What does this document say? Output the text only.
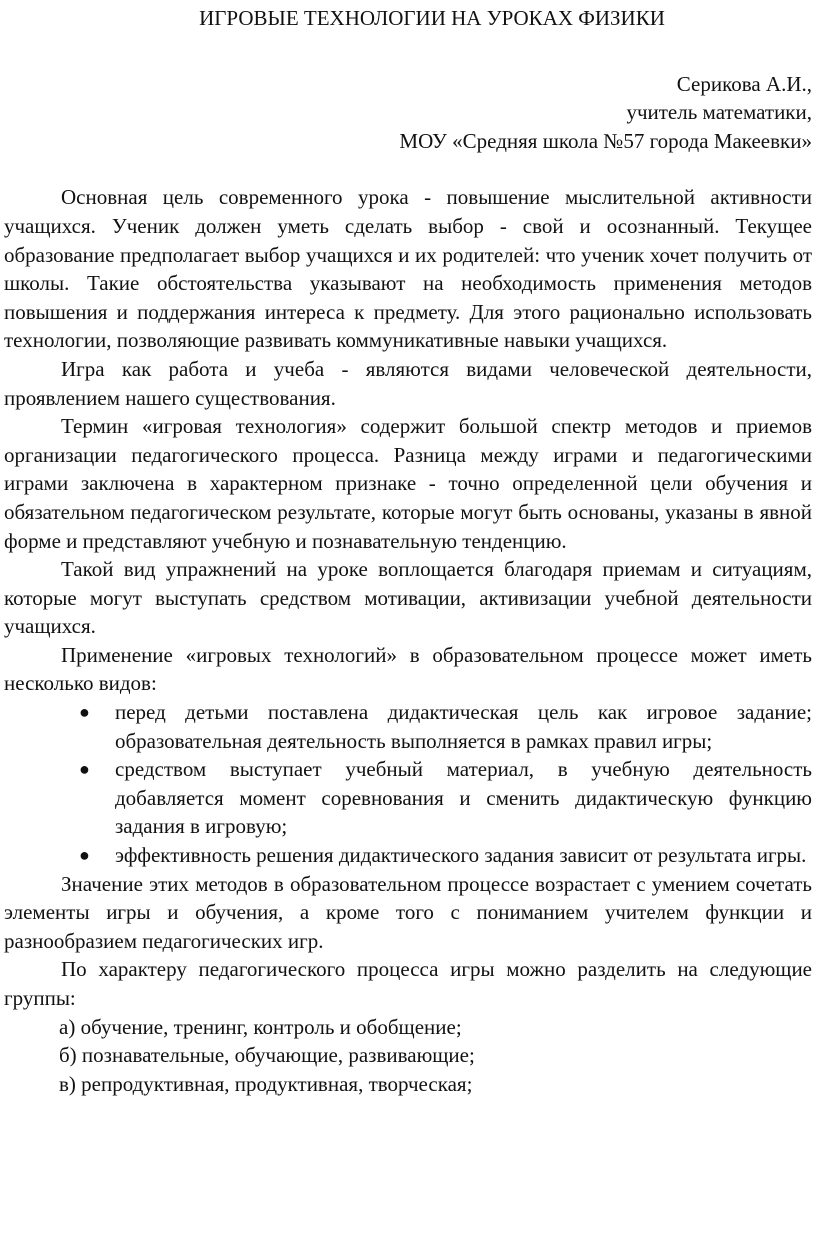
ИГРОВЫЕ ТЕХНОЛОГИИ НА УРОКАХ ФИЗИКИ
Серикова А.И.,
учитель математики,
МОУ «Средняя школа №57 города Макеевки»

Основная цель современного урока - повышение мыслительной активности учащихся. Ученик должен уметь сделать выбор - свой и осознанный. Текущее образование предполагает выбор учащихся и их родителей: что ученик хочет получить от школы. Такие обстоятельства указывают на необходимость применения методов повышения и поддержания интереса к предмету. Для этого рационально использовать технологии, позволяющие развивать коммуникативные навыки учащихся.

Игра как работа и учеба - являются видами человеческой деятельности, проявлением нашего существования.

Термин «игровая технология» содержит большой спектр методов и приемов организации педагогического процесса. Разница между играми и педагогическими играми заключена в характерном признаке - точно определенной цели обучения и обязательном педагогическом результате, которые могут быть основаны, указаны в явной форме и представляют учебную и познавательную тенденцию.

Такой вид упражнений на уроке воплощается благодаря приемам и ситуациям, которые могут выступать средством мотивации, активизации учебной деятельности учащихся.

Применение «игровых технологий» в образовательном процессе может иметь несколько видов:

● перед детьми поставлена дидактическая цель как игровое задание; образовательная деятельность выполняется в рамках правил игры;
● средством выступает учебный материал, в учебную деятельность добавляется момент соревнования и сменить дидактическую функцию задания в игровую;
● эффективность решения дидактического задания зависит от результата игры.

Значение этих методов в образовательном процессе возрастает с умением сочетать элементы игры и обучения, а кроме того с пониманием учителем функции и разнообразием педагогических игр.

По характеру педагогического процесса игры можно разделить на следующие группы:

а) обучение, тренинг, контроль и обобщение;
б) познавательные, обучающие, развивающие;
в) репродуктивная, продуктивная, творческая;
